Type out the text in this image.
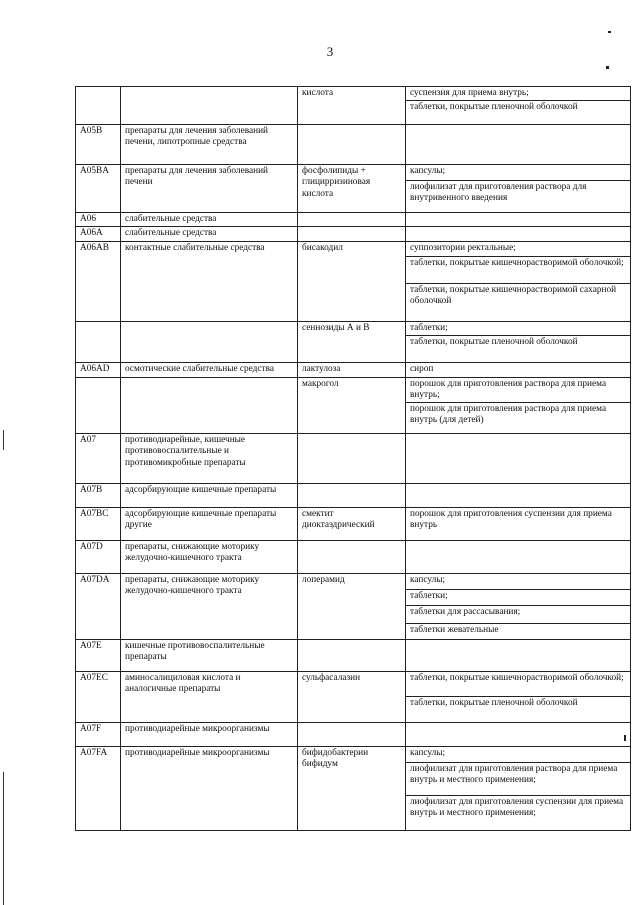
3
		кислота	суспензия для приема внутрь;
			таблетки, покрытые пленочной оболочкой
A05B	препараты для лечения заболеваний печени, липотропные средства		
A05BA	препараты для лечения заболеваний печени	фосфолипиды + глицирризиновая кислота	капсулы;
			лиофилизат для приготовления раствора для внутривенного введения
A06	слабительные средства		
A06A	слабительные средства		
A06AB	контактные слабительные средства	бисакодил	суппозитории ректальные;
			таблетки, покрытые кишечнорастворимой оболочкой;
			таблетки, покрытые кишечнорастворимой сахарной оболочкой
		сеннозиды А и В	таблетки;
			таблетки, покрытые пленочной оболочкой
A06AD	осмотические слабительные средства	лактулоза	сироп
		макрогол	порошок для приготовления раствора для приема внутрь;
			порошок для приготовления раствора для приема внутрь (для детей)
A07	противодиарейные, кишечные противовоспалительные и противомикробные препараты		
A07B	адсорбирующие кишечные препараты		
A07BC	адсорбирующие кишечные препараты другие	смектит диоктаэдрический	порошок для приготовления суспензии для приема внутрь
A07D	препараты, снижающие моторику желудочно-кишечного тракта		
A07DA	препараты, снижающие моторику желудочно-кишечного тракта	лоперамид	капсулы;
			таблетки;
			таблетки для рассасывания;
			таблетки жевательные
A07E	кишечные противовоспалительные препараты		
A07EC	аминосалициловая кислота и аналогичные препараты	сульфасалазин	таблетки, покрытые кишечнорастворимой оболочкой;
			таблетки, покрытые пленочной оболочкой
A07F	противодиарейные микроорганизмы		
A07FA	противодиарейные микроорганизмы	бифидобактерии бифидум	капсулы;
			лиофилизат для приготовления раствора для приема внутрь и местного применения;
			лиофилизат для приготовления суспензии для приема внутрь и местного применения;
